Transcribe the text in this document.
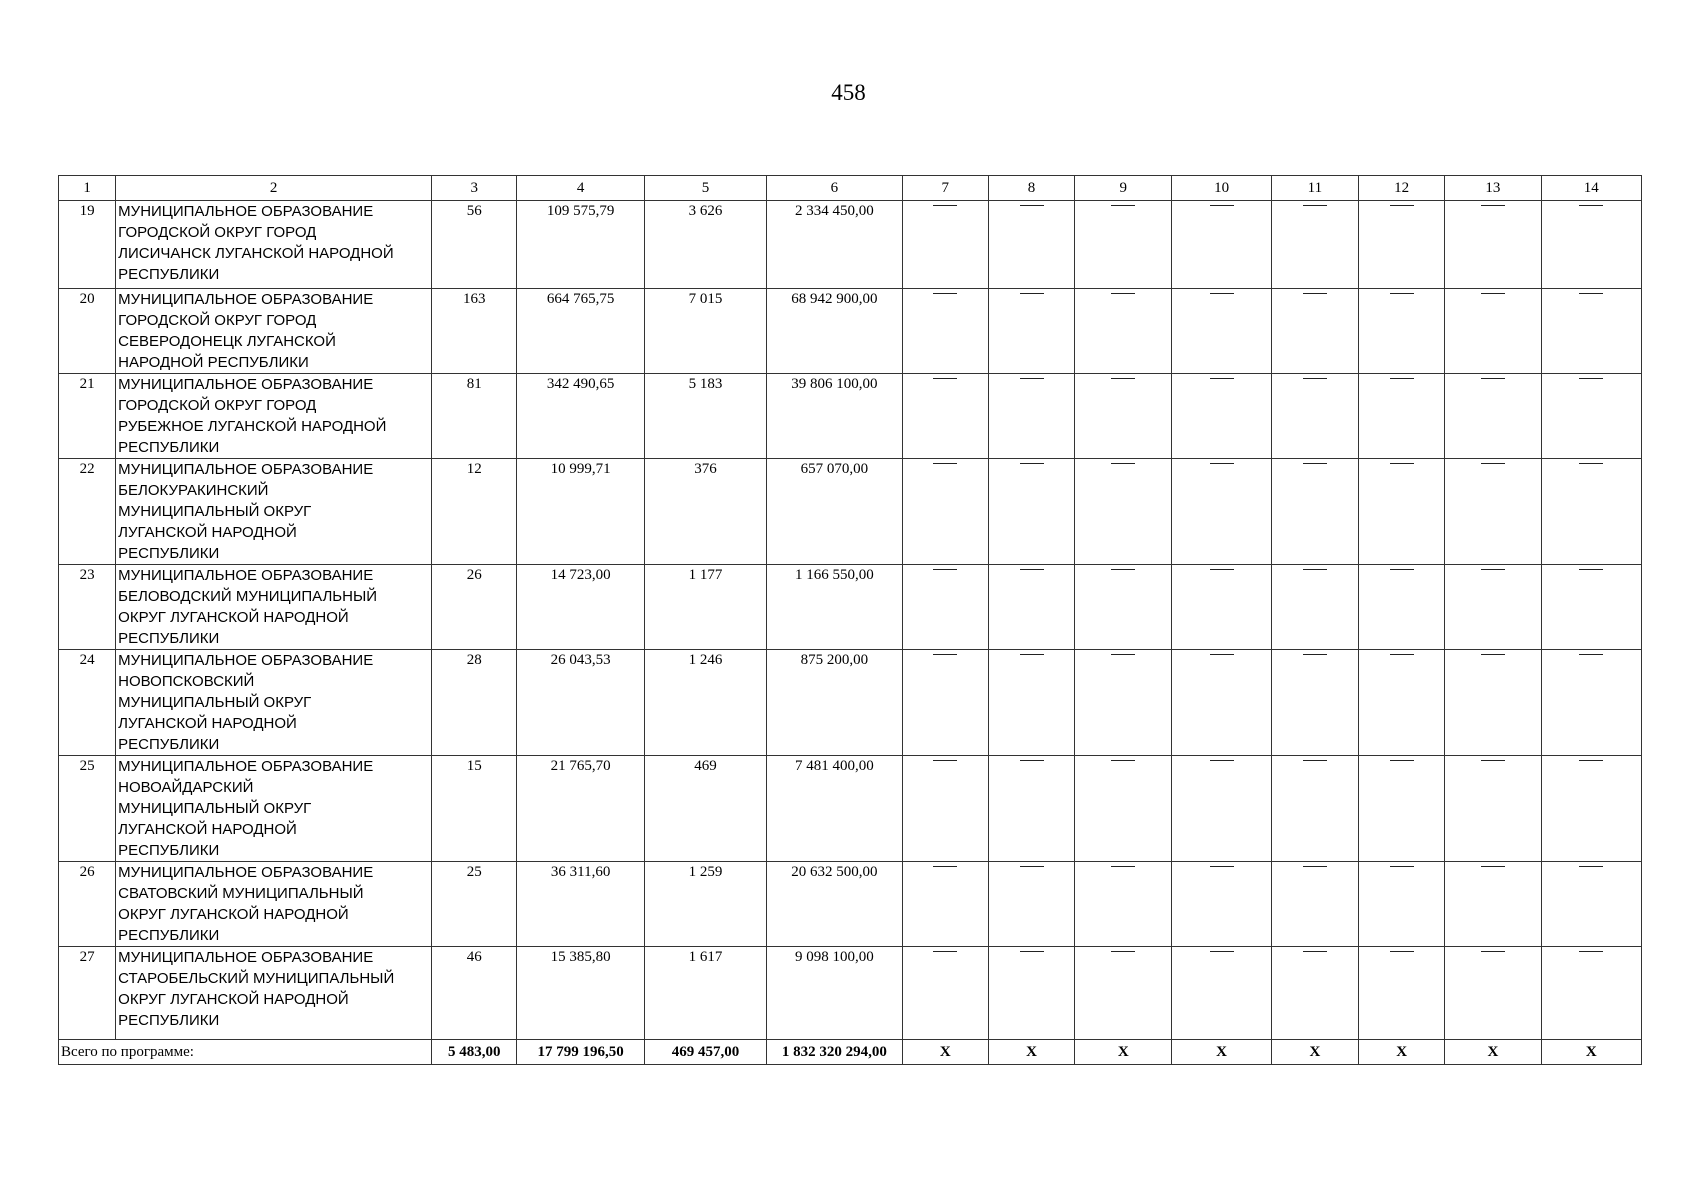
458
1	2	3	4	5	6	7	8	9	10	11	12	13	14
19	МУНИЦИПАЛЬНОЕ ОБРАЗОВАНИЕ
ГОРОДСКОЙ ОКРУГ ГОРОД
ЛИСИЧАНСК ЛУГАНСКОЙ НАРОДНОЙ
РЕСПУБЛИКИ	56	109 575,79	3 626	2 334 450,00								
20	МУНИЦИПАЛЬНОЕ ОБРАЗОВАНИЕ
ГОРОДСКОЙ ОКРУГ ГОРОД
СЕВЕРОДОНЕЦК ЛУГАНСКОЙ
НАРОДНОЙ РЕСПУБЛИКИ	163	664 765,75	7 015	68 942 900,00								
21	МУНИЦИПАЛЬНОЕ ОБРАЗОВАНИЕ
ГОРОДСКОЙ ОКРУГ ГОРОД
РУБЕЖНОЕ ЛУГАНСКОЙ НАРОДНОЙ
РЕСПУБЛИКИ	81	342 490,65	5 183	39 806 100,00								
22	МУНИЦИПАЛЬНОЕ ОБРАЗОВАНИЕ
БЕЛОКУРАКИНСКИЙ
МУНИЦИПАЛЬНЫЙ ОКРУГ
ЛУГАНСКОЙ НАРОДНОЙ
РЕСПУБЛИКИ	12	10 999,71	376	657 070,00								
23	МУНИЦИПАЛЬНОЕ ОБРАЗОВАНИЕ
БЕЛОВОДСКИЙ МУНИЦИПАЛЬНЫЙ
ОКРУГ ЛУГАНСКОЙ НАРОДНОЙ
РЕСПУБЛИКИ	26	14 723,00	1 177	1 166 550,00								
24	МУНИЦИПАЛЬНОЕ ОБРАЗОВАНИЕ
НОВОПСКОВСКИЙ
МУНИЦИПАЛЬНЫЙ ОКРУГ
ЛУГАНСКОЙ НАРОДНОЙ
РЕСПУБЛИКИ	28	26 043,53	1 246	875 200,00								
25	МУНИЦИПАЛЬНОЕ ОБРАЗОВАНИЕ
НОВОАЙДАРСКИЙ
МУНИЦИПАЛЬНЫЙ ОКРУГ
ЛУГАНСКОЙ НАРОДНОЙ
РЕСПУБЛИКИ	15	21 765,70	469	7 481 400,00								
26	МУНИЦИПАЛЬНОЕ ОБРАЗОВАНИЕ
СВАТОВСКИЙ МУНИЦИПАЛЬНЫЙ
ОКРУГ ЛУГАНСКОЙ НАРОДНОЙ
РЕСПУБЛИКИ	25	36 311,60	1 259	20 632 500,00								
27	МУНИЦИПАЛЬНОЕ ОБРАЗОВАНИЕ
СТАРОБЕЛЬСКИЙ МУНИЦИПАЛЬНЫЙ
ОКРУГ ЛУГАНСКОЙ НАРОДНОЙ
РЕСПУБЛИКИ	46	15 385,80	1 617	9 098 100,00								
Всего по программе:		5 483,00	17 799 196,50	469 457,00	1 832 320 294,00	X	X	X	X	X	X	X	X
